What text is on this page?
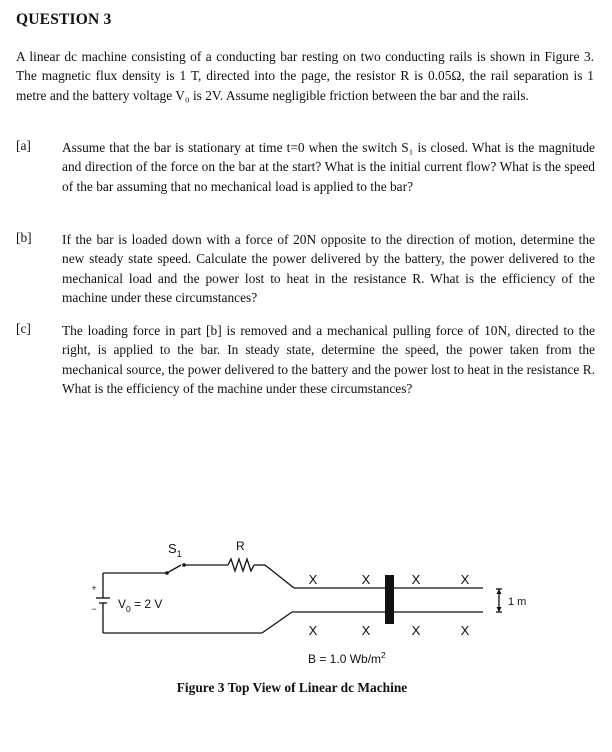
QUESTION 3
A linear dc machine consisting of a conducting bar resting on two conducting rails is shown in Figure 3. The magnetic flux density is 1 T, directed into the page, the resistor R is 0.05Ω, the rail separation is 1 metre and the battery voltage V₀ is 2V. Assume negligible friction between the bar and the rails.
[a] Assume that the bar is stationary at time t=0 when the switch S₁ is closed. What is the magnitude and direction of the force on the bar at the start? What is the initial current flow? What is the speed of the bar assuming that no mechanical load is applied to the bar?
[b] If the bar is loaded down with a force of 20N opposite to the direction of motion, determine the new steady state speed. Calculate the power delivered by the battery, the power delivered to the mechanical load and the power lost to heat in the resistance R. What is the efficiency of the machine under these circumstances?
[c] The loading force in part [b] is removed and a mechanical pulling force of 10N, directed to the right, is applied to the bar. In steady state, determine the speed, the power taken from the mechanical source, the power delivered to the battery and the power lost to heat in the resistance R. What is the efficiency of the machine under these circumstances?
+
−
$S_1$
R
$V_0 = 2$ V	1 m
X	X	X	X
X	X	X	X
B = 1.0 $Wb/m^2$
Figure 3 Top View of Linear dc Machine
